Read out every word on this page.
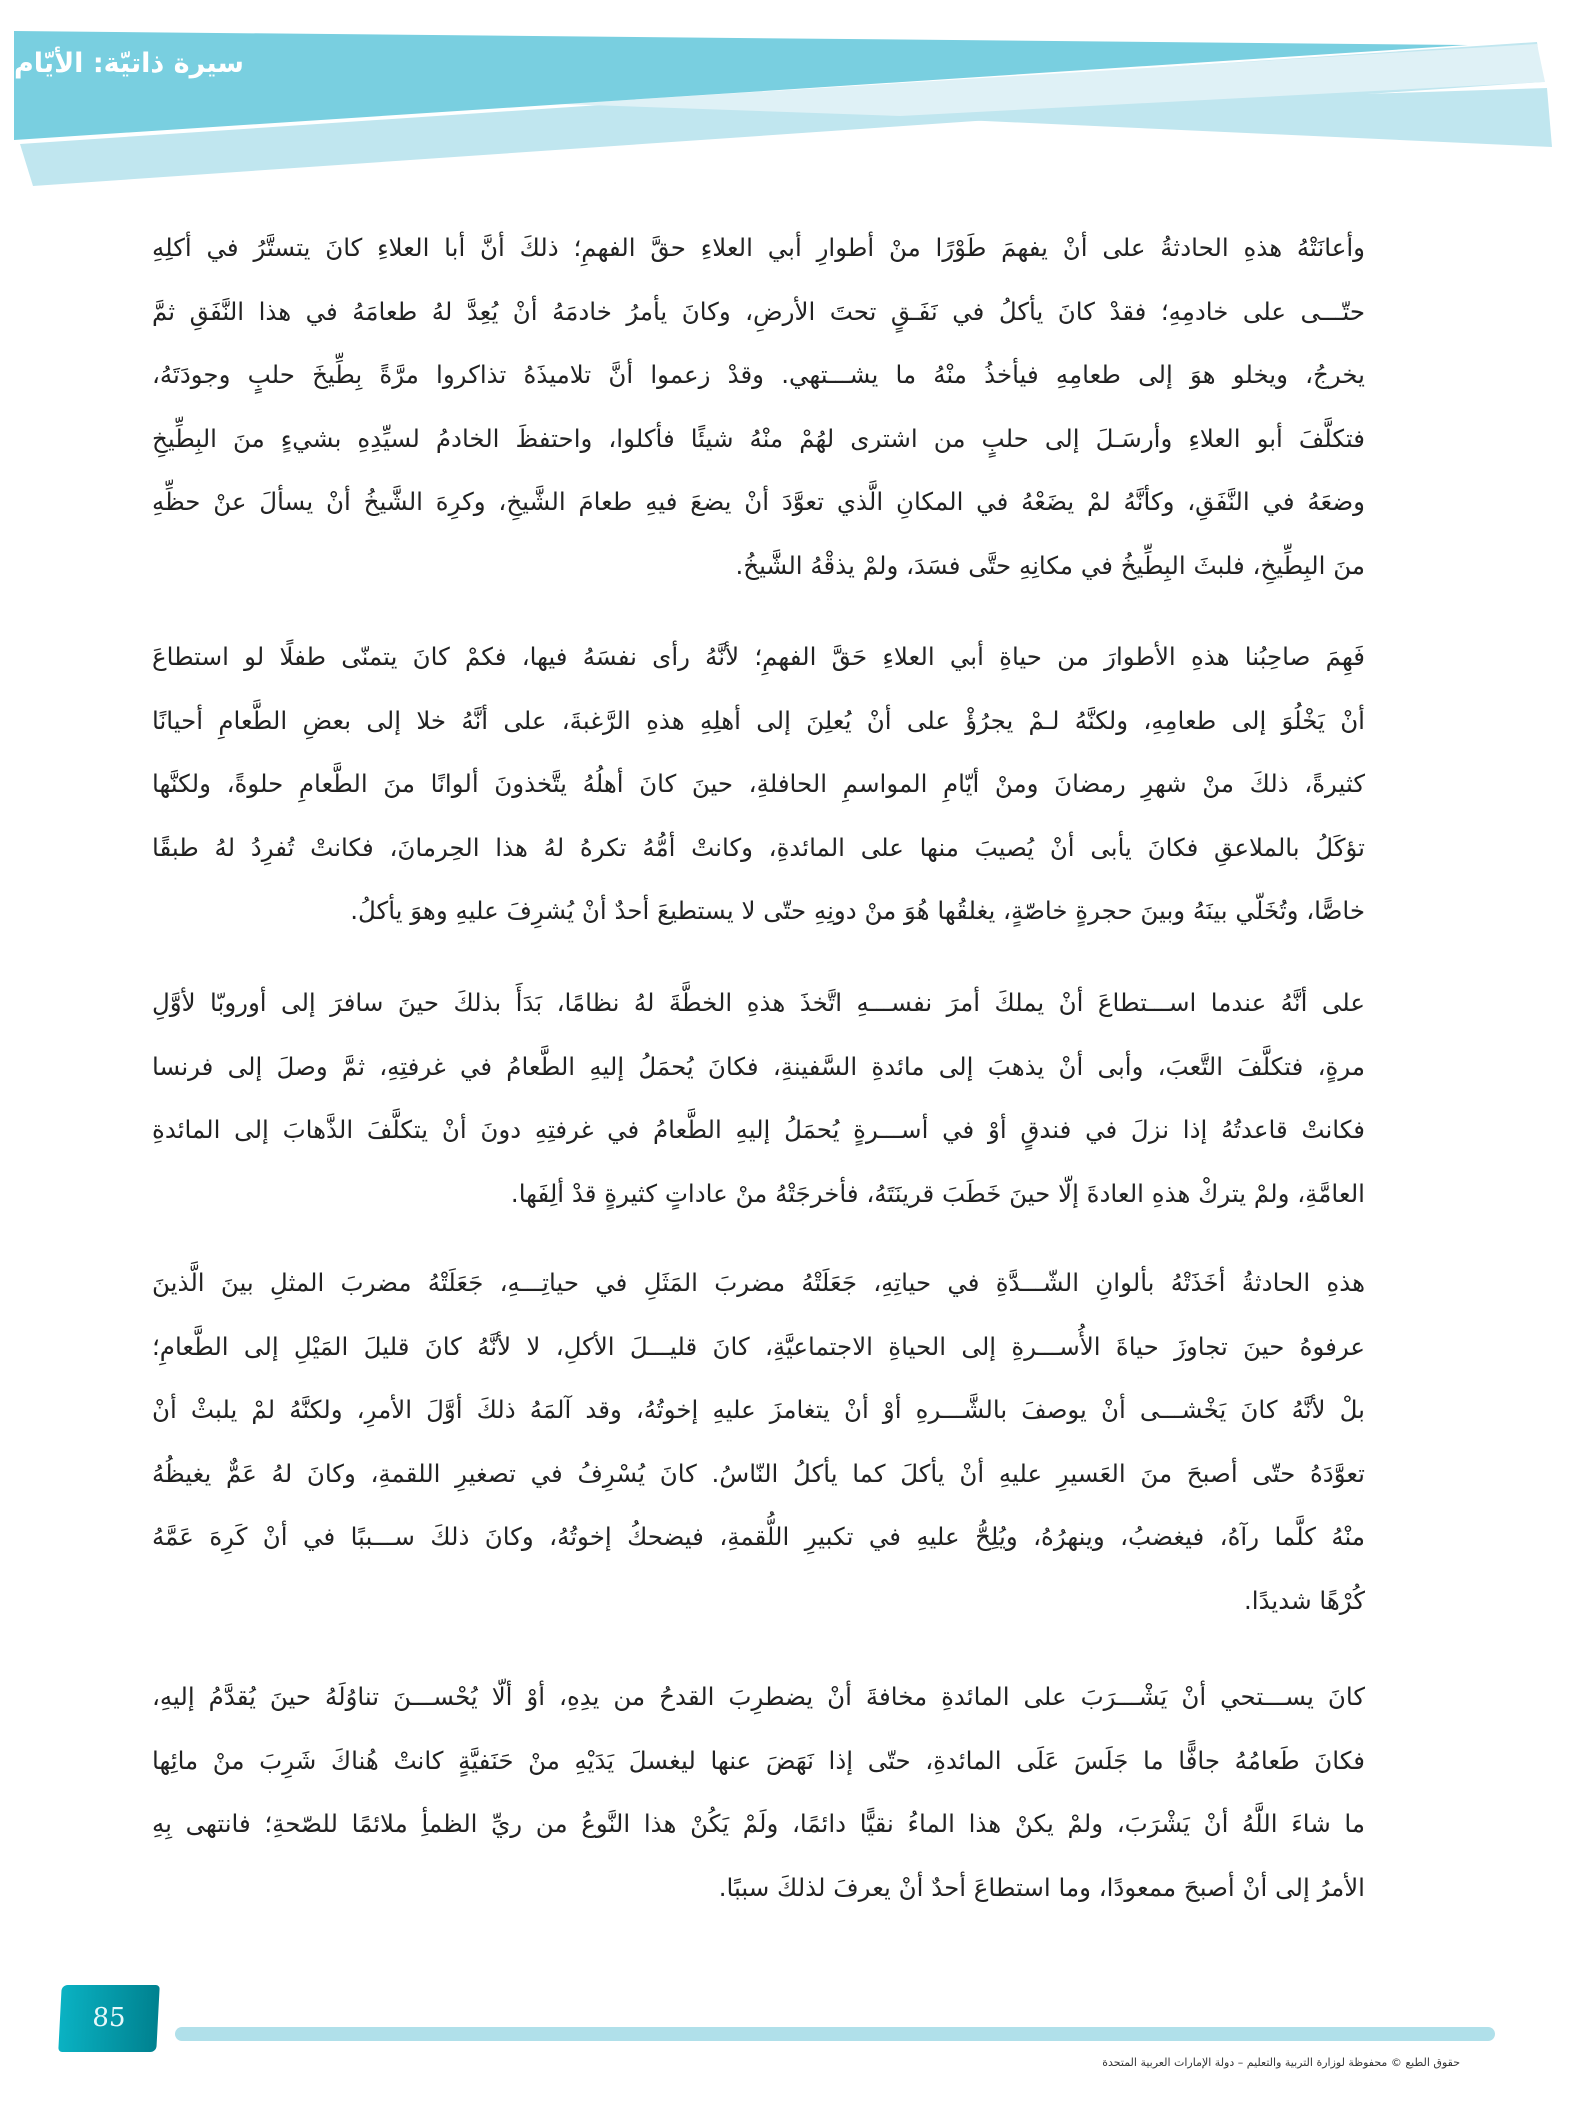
سيرة ذاتيّة: الأيّام
وأعانَتْهُ هذهِ الحادثةُ على أنْ يفهمَ طَوْرًا منْ أطوارِ أبي العلاءِ حقَّ الفهمِ؛ ذلكَ أنَّ أبا العلاءِ كانَ يتستَّرُ في أكلِهِ
حتّـــى على خادمِهِ؛ فقدْ كانَ يأكلُ في نَفَـقٍ تحتَ الأرضِ، وكانَ يأمرُ خادمَهُ أنْ يُعِدَّ لهُ طعامَهُ في هذا النَّفَقِ ثمَّ
يخرجُ، ويخلو هوَ إلى طعامِهِ فيأخذُ منْهُ ما يشـــتهي. وقدْ زعموا أنَّ تلاميذَهُ تذاكروا مرَّةً بِطِّيخَ حلبٍ وجودَتَهُ،
فتكلَّفَ أبو العلاءِ وأرسَـلَ إلى حلبٍ من اشترى لهُمْ منْهُ شيئًا فأكلوا، واحتفظَ الخادمُ لسيِّدِهِ بشيءٍ منَ البِطِّيخِ
وضعَهُ في النَّفَقِ، وكأنَّهُ لمْ يضَعْهُ في المكانِ الَّذي تعوَّدَ أنْ يضعَ فيهِ طعامَ الشَّيخِ، وكرِهَ الشَّيخُ أنْ يسألَ عنْ حظِّهِ
منَ البِطِّيخِ، فلبثَ البِطِّيخُ في مكانِهِ حتَّى فسَدَ، ولمْ يذقْهُ الشَّيخُ.
فَهِمَ صاحِبُنا هذهِ الأطوارَ من حياةِ أبي العلاءِ حَقَّ الفهمِ؛ لأنَّهُ رأى نفسَهُ فيها، فكمْ كانَ يتمنّى طفلًا لو استطاعَ
أنْ يَخْلُوَ إلى طعامِهِ، ولكنَّهُ لـمْ يجرُؤْ على أنْ يُعلِنَ إلى أهلِهِ هذهِ الرَّغبةَ، على أنَّهُ خلا إلى بعضِ الطَّعامِ أحيانًا
كثيرةً، ذلكَ منْ شهرِ رمضانَ ومنْ أيّامِ المواسمِ الحافلةِ، حينَ كانَ أهلُهُ يتَّخذونَ ألوانًا منَ الطَّعامِ حلوةً، ولكنَّها
تؤكَلُ بالملاعقِ فكانَ يأبى أنْ يُصيبَ منها على المائدةِ، وكانتْ أمُّهُ تكرهُ لهُ هذا الحِرمانَ، فكانتْ تُفرِدُ لهُ طبقًا
خاصًّا، وتُخَلّي بينَهُ وبينَ حجرةٍ خاصّةٍ، يغلقُها هُوَ منْ دونِهِ حتّى لا يستطيعَ أحدٌ أنْ يُشرِفَ عليهِ وهوَ يأكلُ.
على أنَّهُ عندما اســـتطاعَ أنْ يملكَ أمرَ نفســـهِ اتَّخذَ هذهِ الخطَّةَ لهُ نظامًا، بَدَأَ بذلكَ حينَ سافرَ إلى أوروبّا لأوَّلِ
مرةٍ، فتكلَّفَ التَّعبَ، وأبى أنْ يذهبَ إلى مائدةِ السَّفينةِ، فكانَ يُحمَلُ إليهِ الطَّعامُ في غرفتِهِ، ثمَّ وصلَ إلى فرنسا
فكانتْ قاعدتُهُ إذا نزلَ في فندقٍ أوْ في أســـرةٍ يُحمَلُ إليهِ الطَّعامُ في غرفتِهِ دونَ أنْ يتكلَّفَ الذَّهابَ إلى المائدةِ
العامَّةِ، ولمْ يتركْ هذهِ العادةَ إلّا حينَ خَطَبَ قرينَتَهُ، فأخرجَتْهُ منْ عاداتٍ كثيرةٍ قدْ ألِفَها.
هذهِ الحادثةُ أخَذَتْهُ بألوانِ الشّـــدَّةِ في حياتِهِ، جَعَلَتْهُ مضربَ المَثَلِ في حياتِـــهِ، جَعَلَتْهُ مضربَ المثلِ بينَ الَّذينَ
عرفوهُ حينَ تجاوزَ حياةَ الأُســـرةِ إلى الحياةِ الاجتماعيَّةِ، كانَ قليـــلَ الأكلِ، لا لأنَّهُ كانَ قليلَ المَيْلِ إلى الطَّعامِ؛
بلْ لأنَّهُ كانَ يَخْشـــى أنْ يوصفَ بالشَّـــرهِ أوْ أنْ يتغامزَ عليهِ إخوتُهُ، وقد آلمَهُ ذلكَ أوَّلَ الأمرِ، ولكنَّهُ لمْ يلبثْ أنْ
تعوَّدَهُ حتّى أصبحَ منَ العَسيرِ عليهِ أنْ يأكلَ كما يأكلُ النّاسُ. كانَ يُسْرِفُ في تصغيرِ اللقمةِ، وكانَ لهُ عَمٌّ يغيظُهُ
منْهُ كلَّما رآهُ، فيغضبُ، وينهرُهُ، ويُلِحُّ عليهِ في تكبيرِ اللُّقمةِ، فيضحكُ إخوتُهُ، وكانَ ذلكَ ســـببًا في أنْ كَرِهَ عَمَّهُ
كُرْهًا شديدًا.
كانَ يســـتحي أنْ يَشْـــرَبَ على المائدةِ مخافةَ أنْ يضطرِبَ القدحُ من يدِهِ، أوْ ألّا يُحْســـنَ تناوُلَهُ حينَ يُقدَّمُ إليهِ،
فكانَ طَعامُهُ جافًّا ما جَلَسَ عَلَى المائدةِ، حتّى إذا نَهَضَ عنها ليغسلَ يَدَيْهِ منْ حَنَفيَّةٍ كانتْ هُناكَ شَرِبَ منْ مائِها
ما شاءَ اللَّهُ أنْ يَشْرَبَ، ولمْ يكنْ هذا الماءُ نقيًّا دائمًا، ولَمْ يَكُنْ هذا النَّوعُ من ريِّ الظمأِ ملائمًا للصّحةِ؛ فانتهى بِهِ
الأمرُ إلى أنْ أصبحَ ممعودًا، وما استطاعَ أحدٌ أنْ يعرفَ لذلكَ سببًا.
85
حقوق الطبع © محفوظة لوزارة التربية والتعليم – دولة الإمارات العربية المتحدة
